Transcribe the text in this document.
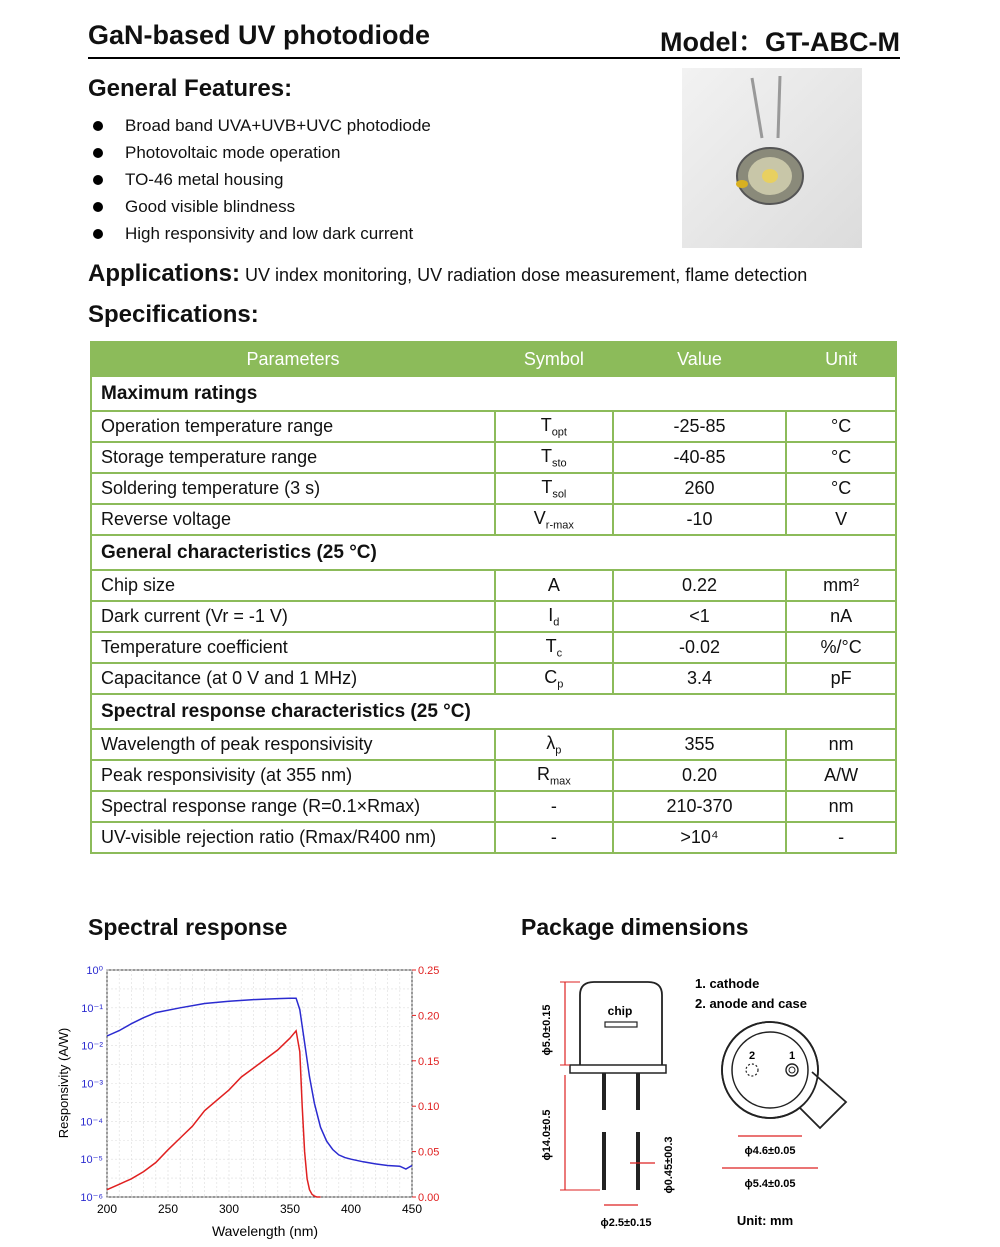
GaN-based UV photodiode	Model：GT-ABC-M
General Features:
Broad band UVA+UVB+UVC photodiode
Photovoltaic mode operation
TO-46 metal housing
Good visible blindness
High responsivity and low dark current
Applications: UV index monitoring, UV radiation dose measurement, flame detection
Specifications:
Parameters	Symbol	Value	Unit
Maximum ratings			
Operation temperature range	$T_{opt}$	-25-85	°C
Storage temperature range	$T_{sto}$	-40-85	°C
Soldering temperature (3 s)	$T_{sol}$	260	°C
Reverse voltage	$V_{r-max}$	-10	V
General characteristics (25 °C)			
Chip size	A	0.22	mm²
Dark current (Vr = -1 V)	$I_d$	<1	nA
Temperature coefficient	$T_c$	-0.02	%/°C
Capacitance (at 0 V and 1 MHz)	$C_p$	3.4	pF
Spectral response characteristics (25 °C)			
Wavelength of peak responsivisity	$\lambda_p$	355	nm
Peak responsivisity (at 355 nm)	$R_{max}$	0.20	A/W
Spectral response range (R=0.1×Rmax)	-	210-370	nm
UV-visible rejection ratio (Rmax/R400 nm)	-	>10⁴	-
Spectral response	Package dimensions
200	250	300	350	400	450
10⁰
10⁻¹
10⁻²
10⁻³
10⁻⁴
10⁻⁵
10⁻⁶
0.25
0.20
0.15
0.10
0.05
0.00
Wavelength (nm)
Responsivity (A/W)
chip
ϕ5.0±0.15
ϕ14.0±0.5
ϕ0.45±00.3
ϕ2.5±0.15
1. cathode
2. anode and case
2	1
ϕ4.6±0.05
ϕ5.4±0.05
Unit: mm
